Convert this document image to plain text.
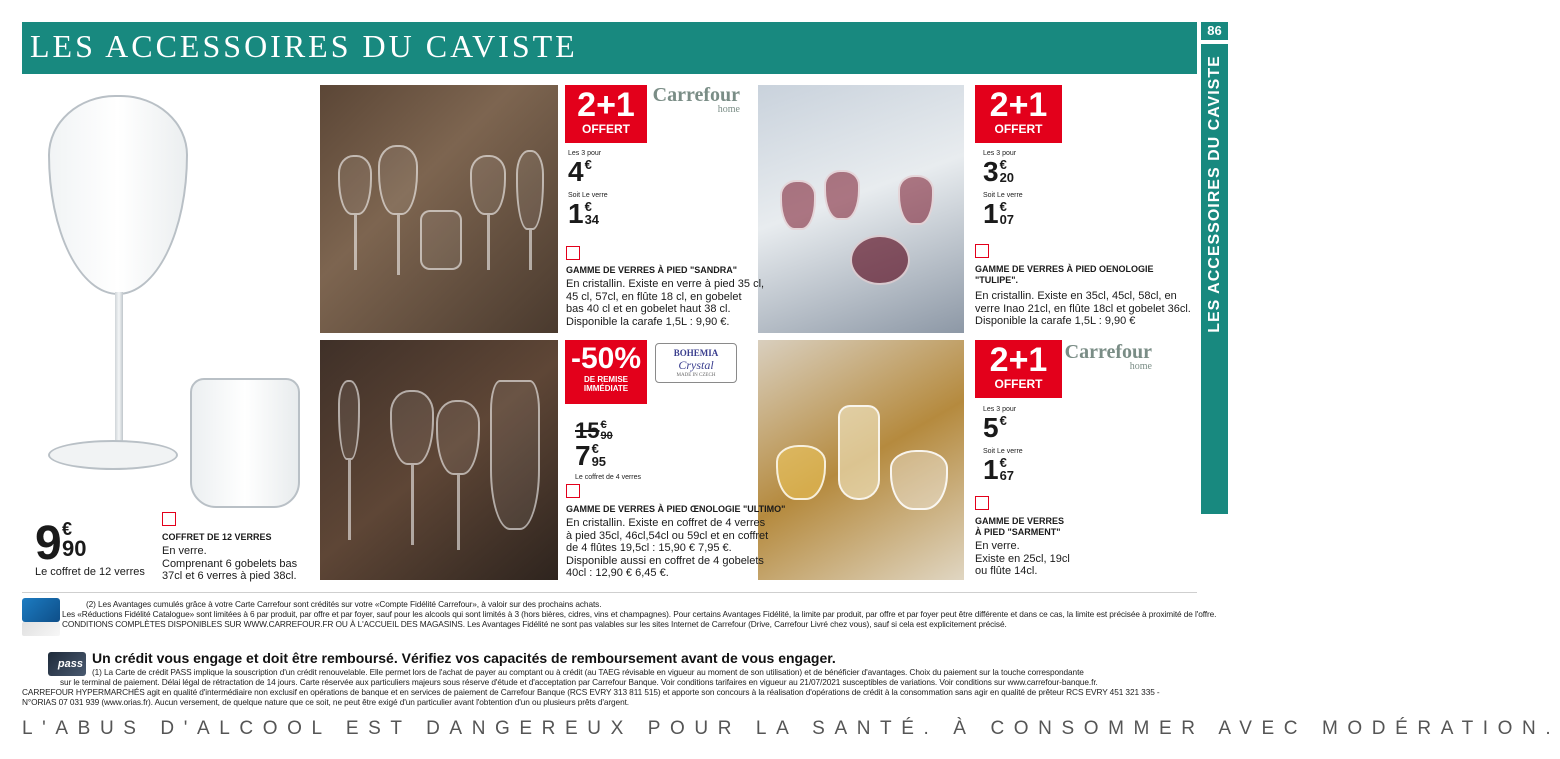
LES ACCESSOIRES DU CAVISTE	86
LES ACCESSOIRES DU CAVISTE
9 €
90
Le coffret de 12 verres
COFFRET DE 12 VERRES
En verre.
Comprenant 6 gobelets bas
37cl et 6 verres à pied 38cl.
2+1
OFFERT
Carrefour
home
Les 3 pour
4 €
Soit Le verre
1 €
34
GAMME DE VERRES À PIED "SANDRA"
En cristallin. Existe en verre à pied 35 cl,
45 cl, 57cl, en flûte 18 cl, en gobelet
bas 40 cl et en gobelet haut 38 cl.
Disponible la carafe 1,5L : 9,90 €.
2+1
OFFERT
Les 3 pour
3 €
20
Soit Le verre
1 €
07
GAMME DE VERRES À PIED OENOLOGIE
"TULIPE".
En cristallin. Existe en 35cl, 45cl, 58cl, en
verre Inao 21cl, en flûte 18cl et gobelet 36cl.
Disponible la carafe 1,5L : 9,90 €
-50%
DE REMISE
IMMÉDIATE
BOHEMIA
Crystal
MADE IN CZECH
15 €
90
7 €
95
Le coffret de 4 verres
GAMME DE VERRES À PIED ŒNOLOGIE "ULTIMO"
En cristallin. Existe en coffret de 4 verres
à pied 35cl, 46cl,54cl ou 59cl et en coffret
de 4 flûtes 19,5cl : 15,90 € 7,95 €.
Disponible aussi en coffret de 4 gobelets
40cl : 12,90 € 6,45 €.
2+1
OFFERT
Carrefour
home
Les 3 pour
5 €
Soit Le verre
1 €
67
GAMME DE VERRES
À PIED "SARMENT"
En verre.
Existe en 25cl, 19cl
ou flûte 14cl.
(2) Les Avantages cumulés grâce à votre Carte Carrefour sont crédités sur votre «Compte Fidélité Carrefour», à valoir sur des prochains achats.
Les «Réductions Fidélité Catalogue» sont limitées à 6 par produit, par offre et par foyer, sauf pour les alcools qui sont limités à 3 (hors bières, cidres, vins et champagnes). Pour certains Avantages Fidélité, la limite par produit, par offre et par foyer peut être différente et dans ce cas, la limite est précisée à proximité de l'offre.
CONDITIONS COMPLÈTES DISPONIBLES SUR WWW.CARREFOUR.FR OU À L'ACCUEIL DES MAGASINS. Les Avantages Fidélité ne sont pas valables sur les sites Internet de Carrefour (Drive, Carrefour Livré chez vous), sauf si cela est explicitement précisé.
pass Un crédit vous engage et doit être remboursé. Vérifiez vos capacités de remboursement avant de vous engager.
(1) La Carte de crédit PASS implique la souscription d'un crédit renouvelable. Elle permet lors de l'achat de payer au comptant ou à crédit (au TAEG révisable en vigueur au moment de son utilisation) et de bénéficier d'avantages. Choix du paiement sur la touche correspondante
sur le terminal de paiement. Délai légal de rétractation de 14 jours. Carte réservée aux particuliers majeurs sous réserve d'étude et d'acceptation par Carrefour Banque. Voir conditions tarifaires en vigueur au 21/07/2021 susceptibles de variations. Voir conditions sur www.carrefour-banque.fr.
CARREFOUR HYPERMARCHÉS agit en qualité d'intermédiaire non exclusif en opérations de banque et en services de paiement de Carrefour Banque (RCS EVRY 313 811 515) et apporte son concours à la réalisation d'opérations de crédit à la consommation sans agir en qualité de prêteur RCS EVRY 451 321 335 -
N°ORIAS 07 031 939 (www.orias.fr). Aucun versement, de quelque nature que ce soit, ne peut être exigé d'un particulier avant l'obtention d'un ou plusieurs prêts d'argent.
L'ABUS D'ALCOOL EST DANGEREUX POUR LA SANTÉ. À CONSOMMER AVEC MODÉRATION.
